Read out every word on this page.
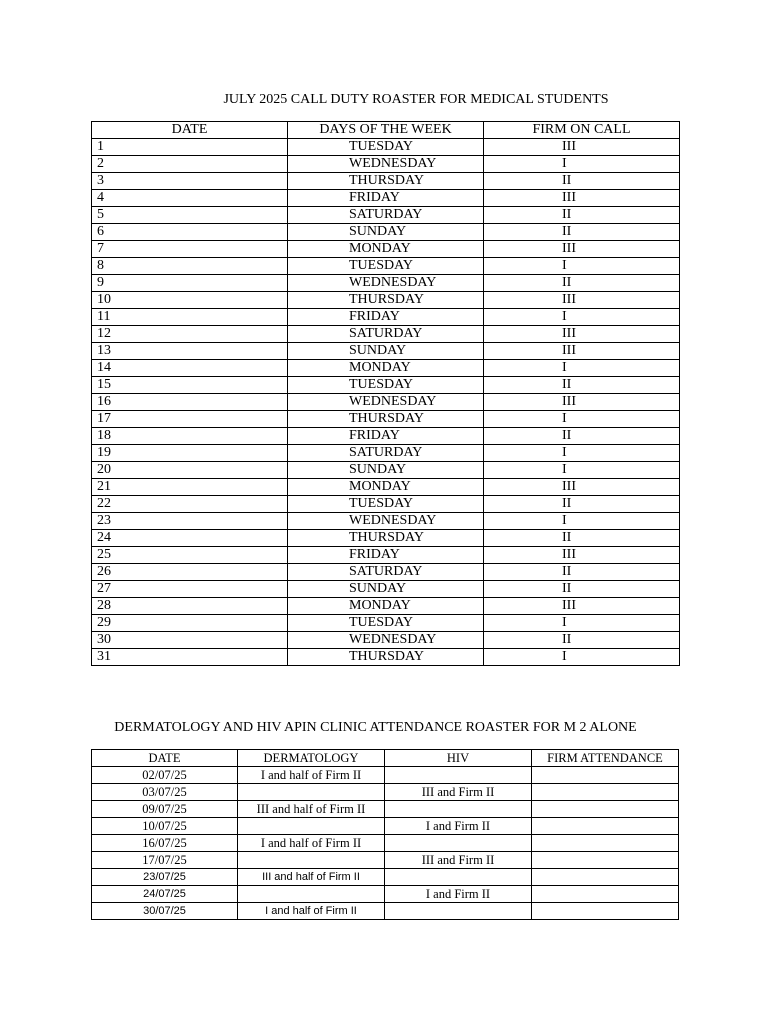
JULY 2025 CALL DUTY ROASTER FOR MEDICAL STUDENTS
DATE	DAYS OF THE WEEK	FIRM ON CALL
1	TUESDAY	III
2	WEDNESDAY	I
3	THURSDAY	II
4	FRIDAY	III
5	SATURDAY	II
6	SUNDAY	II
7	MONDAY	III
8	TUESDAY	I
9	WEDNESDAY	II
10	THURSDAY	III
11	FRIDAY	I
12	SATURDAY	III
13	SUNDAY	III
14	MONDAY	I
15	TUESDAY	II
16	WEDNESDAY	III
17	THURSDAY	I
18	FRIDAY	II
19	SATURDAY	I
20	SUNDAY	I
21	MONDAY	III
22	TUESDAY	II
23	WEDNESDAY	I
24	THURSDAY	II
25	FRIDAY	III
26	SATURDAY	II
27	SUNDAY	II
28	MONDAY	III
29	TUESDAY	I
30	WEDNESDAY	II
31	THURSDAY	I
DERMATOLOGY AND HIV APIN CLINIC ATTENDANCE ROASTER FOR M 2 ALONE
DATE	DERMATOLOGY	HIV	FIRM ATTENDANCE
02/07/25	I and half of Firm II		
03/07/25		III and Firm II	
09/07/25	III and half of Firm II		
10/07/25		I and Firm II	
16/07/25	I and half of Firm II		
17/07/25		III and Firm II	
23/07/25	III and half of Firm II		
24/07/25		I and Firm II	
30/07/25	I and half of Firm II		
